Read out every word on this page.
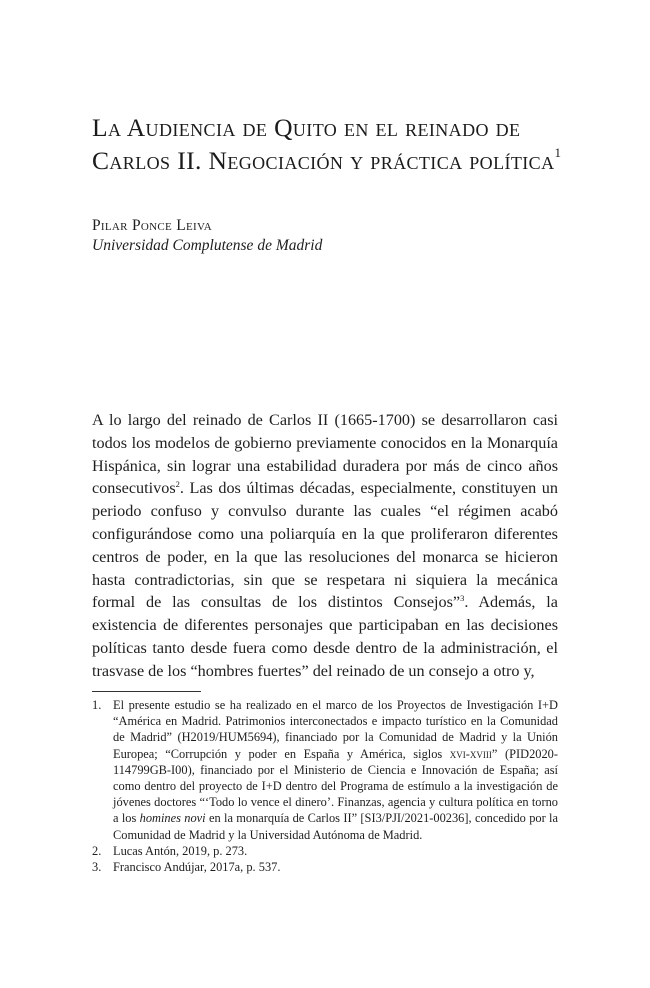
La Audiencia de Quito en el reinado de Carlos II. Negociación y práctica política$^1$
Pilar Ponce Leiva
Universidad Complutense de Madrid

A lo largo del reinado de Carlos II (1665-1700) se desarrollaron casi todos los modelos de gobierno previamente conocidos en la Monarquía Hispánica, sin lograr una estabilidad duradera por más de cinco años consecutivos$^2$. Las dos últimas décadas, especialmente, constituyen un periodo confuso y convulso durante las cuales “el régimen acabó configurándose como una poliarquía en la que proliferaron diferentes centros de poder, en la que las resoluciones del monarca se hicieron hasta contradictorias, sin que se respetara ni siquiera la mecánica formal de las consultas de los distintos Consejos”$^3$. Además, la existencia de diferentes personajes que participaban en las decisiones políticas tanto desde fuera como desde dentro de la administración, el trasvase de los “hombres fuertes” del reinado de un consejo a otro y,

1. El presente estudio se ha realizado en el marco de los Proyectos de Investigación I+D “América en Madrid. Patrimonios interconectados e impacto turístico en la Comunidad de Madrid” (H2019/HUM5694), financiado por la Comunidad de Madrid y la Unión Europea; “Corrupción y poder en España y América, siglos xvi-xviii” (PID2020-114799GB-I00), financiado por el Ministerio de Ciencia e Innovación de España; así como dentro del proyecto de I+D dentro del Programa de estímulo a la investigación de jóvenes doctores “‘Todo lo vence el dinero’. Finanzas, agencia y cultura política en torno a los homines novi en la monarquía de Carlos II” [SI3/PJI/2021-00236], concedido por la Comunidad de Madrid y la Universidad Autónoma de Madrid.
2. Lucas Antón, 2019, p. 273.
3. Francisco Andújar, 2017a, p. 537.
